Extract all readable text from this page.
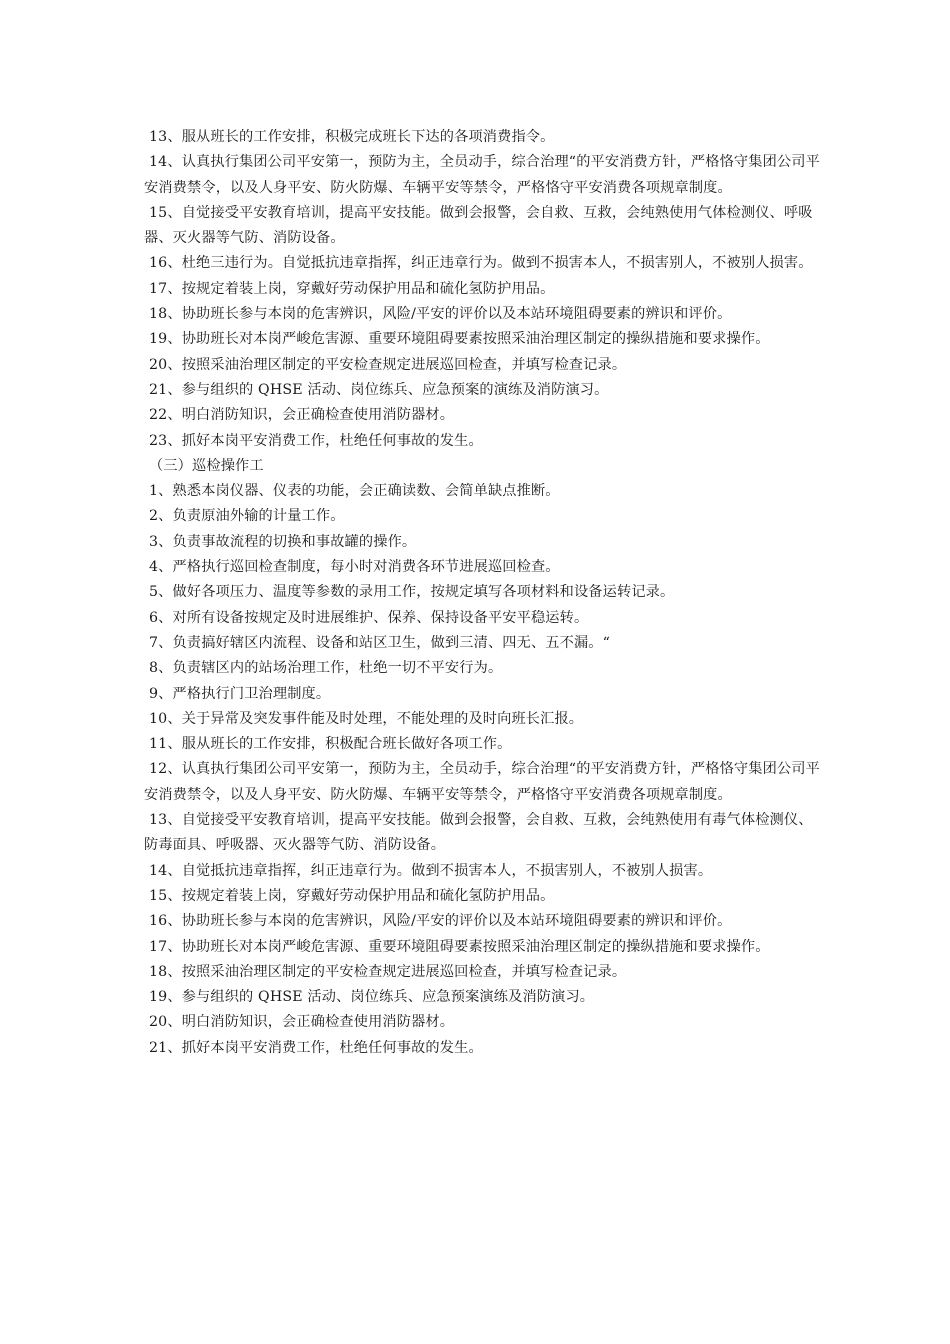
13、服从班长的工作安排，积极完成班长下达的各项消费指令。

14、认真执行集团公司平安第一，预防为主，全员动手，综合治理“的平安消费方针，严格恪守集团公司平安消费禁令，以及人身平安、防火防爆、车辆平安等禁令，严格恪守平安消费各项规章制度。

15、自觉接受平安教育培训，提高平安技能。做到会报警，会自救、互救，会纯熟使用气体检测仪、呼吸器、灭火器等气防、消防设备。

16、杜绝三违行为。自觉抵抗违章指挥，纠正违章行为。做到不损害本人，不损害别人，不被别人损害。

17、按规定着装上岗，穿戴好劳动保护用品和硫化氢防护用品。

18、协助班长参与本岗的危害辨识，风险/平安的评价以及本站环境阻碍要素的辨识和评价。

19、协助班长对本岗严峻危害源、重要环境阻碍要素按照采油治理区制定的操纵措施和要求操作。

20、按照采油治理区制定的平安检查规定进展巡回检查，并填写检查记录。

21、参与组织的 QHSE 活动、岗位练兵、应急预案的演练及消防演习。

22、明白消防知识，会正确检查使用消防器材。

23、抓好本岗平安消费工作，杜绝任何事故的发生。

（三）巡检操作工

1、熟悉本岗仪器、仪表的功能，会正确读数、会简单缺点推断。

2、负责原油外输的计量工作。

3、负责事故流程的切换和事故罐的操作。

4、严格执行巡回检查制度，每小时对消费各环节进展巡回检查。

5、做好各项压力、温度等参数的录用工作，按规定填写各项材料和设备运转记录。

6、对所有设备按规定及时进展维护、保养、保持设备平安平稳运转。

7、负责搞好辖区内流程、设备和站区卫生，做到三清、四无、五不漏。“

8、负责辖区内的站场治理工作，杜绝一切不平安行为。

9、严格执行门卫治理制度。

10、关于异常及突发事件能及时处理，不能处理的及时向班长汇报。

11、服从班长的工作安排，积极配合班长做好各项工作。

12、认真执行集团公司平安第一，预防为主，全员动手，综合治理“的平安消费方针，严格恪守集团公司平安消费禁令，以及人身平安、防火防爆、车辆平安等禁令，严格恪守平安消费各项规章制度。

13、自觉接受平安教育培训，提高平安技能。做到会报警，会自救、互救，会纯熟使用有毒气体检测仪、防毒面具、呼吸器、灭火器等气防、消防设备。

14、自觉抵抗违章指挥，纠正违章行为。做到不损害本人，不损害别人，不被别人损害。

15、按规定着装上岗，穿戴好劳动保护用品和硫化氢防护用品。

16、协助班长参与本岗的危害辨识，风险/平安的评价以及本站环境阻碍要素的辨识和评价。

17、协助班长对本岗严峻危害源、重要环境阻碍要素按照采油治理区制定的操纵措施和要求操作。

18、按照采油治理区制定的平安检查规定进展巡回检查，并填写检查记录。

19、参与组织的 QHSE 活动、岗位练兵、应急预案演练及消防演习。

20、明白消防知识，会正确检查使用消防器材。

21、抓好本岗平安消费工作，杜绝任何事故的发生。
